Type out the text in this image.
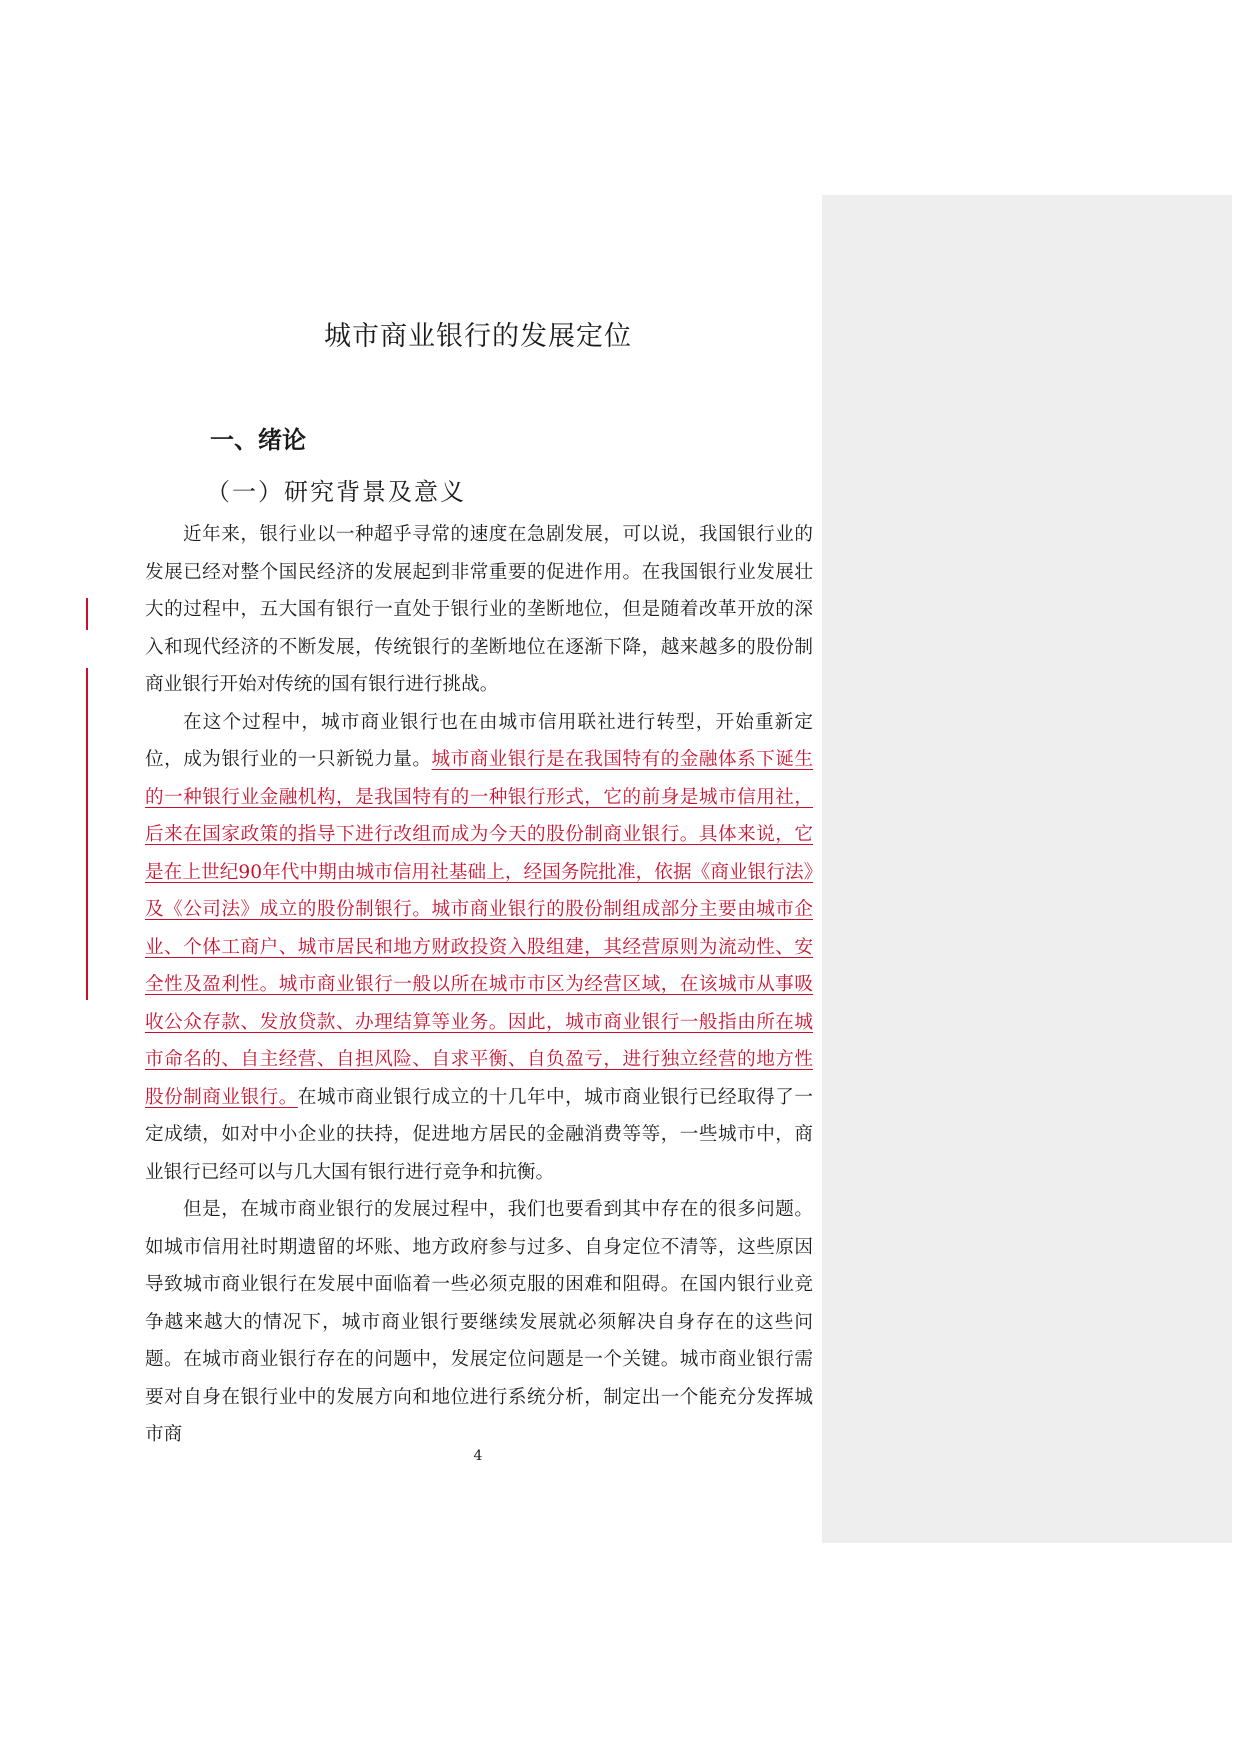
城市商业银行的发展定位
一、绪论
（一）研究背景及意义

近年来，银行业以一种超乎寻常的速度在急剧发展，可以说，我国银行业的发展已经对整个国民经济的发展起到非常重要的促进作用。在我国银行业发展壮大的过程中，五大国有银行一直处于银行业的垄断地位，但是随着改革开放的深入和现代经济的不断发展，传统银行的垄断地位在逐渐下降，越来越多的股份制商业银行开始对传统的国有银行进行挑战。

在这个过程中，城市商业银行也在由城市信用联社进行转型，开始重新定位，成为银行业的一只新锐力量。城市商业银行是在我国特有的金融体系下诞生的一种银行业金融机构，是我国特有的一种银行形式，它的前身是城市信用社，后来在国家政策的指导下进行改组而成为今天的股份制商业银行。具体来说，它是在上世纪90年代中期由城市信用社基础上，经国务院批准，依据《商业银行法》及《公司法》成立的股份制银行。城市商业银行的股份制组成部分主要由城市企业、个体工商户、城市居民和地方财政投资入股组建，其经营原则为流动性、安全性及盈利性。城市商业银行一般以所在城市市区为经营区域，在该城市从事吸收公众存款、发放贷款、办理结算等业务。因此，城市商业银行一般指由所在城市命名的、自主经营、自担风险、自求平衡、自负盈亏，进行独立经营的地方性股份制商业银行。在城市商业银行成立的十几年中，城市商业银行已经取得了一定成绩，如对中小企业的扶持，促进地方居民的金融消费等等，一些城市中，商业银行已经可以与几大国有银行进行竞争和抗衡。

但是，在城市商业银行的发展过程中，我们也要看到其中存在的很多问题。如城市信用社时期遗留的坏账、地方政府参与过多、自身定位不清等，这些原因导致城市商业银行在发展中面临着一些必须克服的困难和阻碍。在国内银行业竞争越来越大的情况下，城市商业银行要继续发展就必须解决自身存在的这些问题。在城市商业银行存在的问题中，发展定位问题是一个关键。城市商业银行需要对自身在银行业中的发展方向和地位进行系统分析，制定出一个能充分发挥城市商

4
